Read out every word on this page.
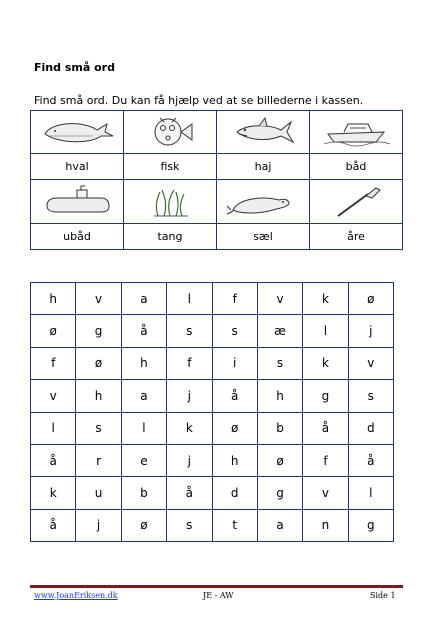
Find små ord
Find små ord. Du kan få hjælp ved at se billederne i kassen.

hval	fisk	haj	båd

ubåd	tang	sæl	åre
h	v	a	l	f	v	k	ø
ø	g	å	s	s	æ	l	j
f	ø	h	f	i	s	k	v
v	h	a	j	å	h	g	s
l	s	l	k	ø	b	å	d
å	r	e	j	h	ø	f	å
k	u	b	å	d	g	v	l
å	j	ø	s	t	a	n	g
www.JoanEriksen.dk	JE - AW	Side 1
